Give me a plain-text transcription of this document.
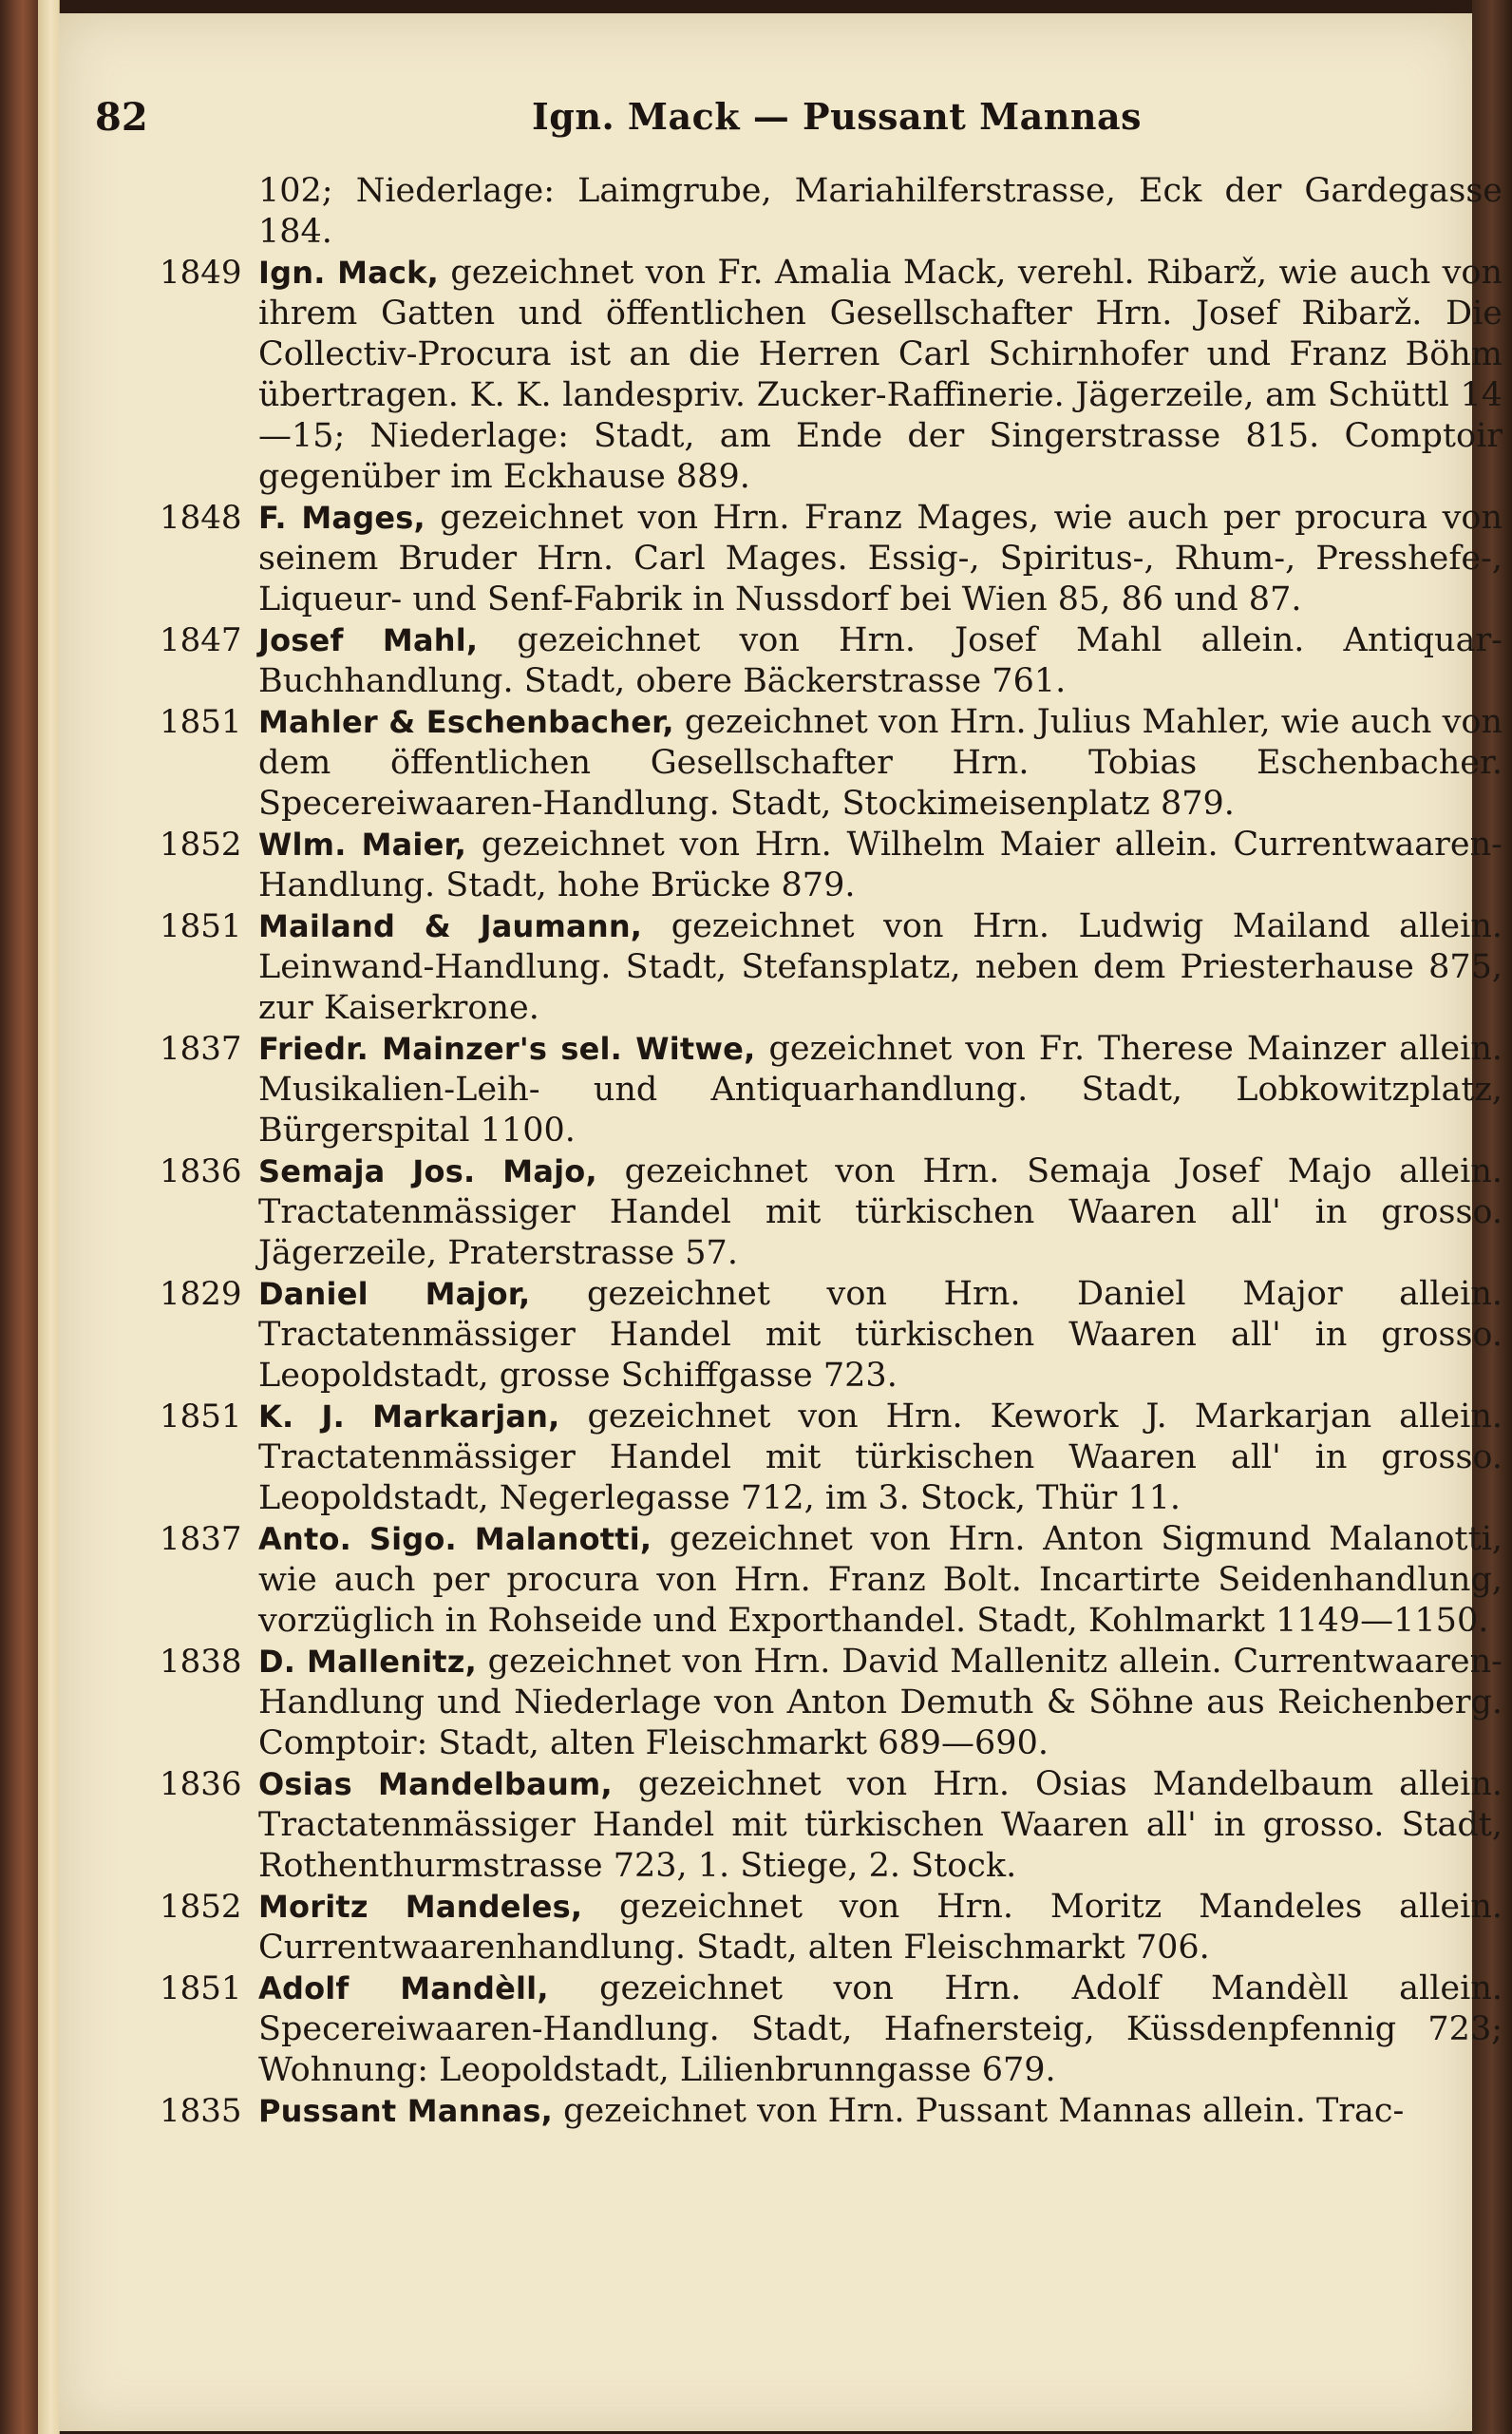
82	Ign. Mack — Pussant Mannas
102; Niederlage: Laimgrube, Mariahilferstrasse, Eck der Gardegasse 184.
1849 Ign. Mack, gezeichnet von Fr. Amalia Mack, verehl. Ribarž, wie auch von ihrem Gatten und öffentlichen Gesellschafter Hrn. Josef Ribarž. Die Collectiv-Procura ist an die Herren Carl Schirnhofer und Franz Böhm übertragen. K. K. landespriv. Zucker-Raffinerie. Jägerzeile, am Schüttl 14—15; Niederlage: Stadt, am Ende der Singerstrasse 815. Comptoir gegenüber im Eckhause 889.
1848 F. Mages, gezeichnet von Hrn. Franz Mages, wie auch per procura von seinem Bruder Hrn. Carl Mages. Essig-, Spiritus-, Rhum-, Presshefe-, Liqueur- und Senf-Fabrik in Nussdorf bei Wien 85, 86 und 87.
1847 Josef Mahl, gezeichnet von Hrn. Josef Mahl allein. Antiquar-Buchhandlung. Stadt, obere Bäckerstrasse 761.
1851 Mahler & Eschenbacher, gezeichnet von Hrn. Julius Mahler, wie auch von dem öffentlichen Gesellschafter Hrn. Tobias Eschenbacher. Specereiwaaren-Handlung. Stadt, Stockimeisenplatz 879.
1852 Wlm. Maier, gezeichnet von Hrn. Wilhelm Maier allein. Currentwaaren-Handlung. Stadt, hohe Brücke 879.
1851 Mailand & Jaumann, gezeichnet von Hrn. Ludwig Mailand allein. Leinwand-Handlung. Stadt, Stefansplatz, neben dem Priesterhause 875, zur Kaiserkrone.
1837 Friedr. Mainzer's sel. Witwe, gezeichnet von Fr. Therese Mainzer allein. Musikalien-Leih- und Antiquarhandlung. Stadt, Lobkowitzplatz, Bürgerspital 1100.
1836 Semaja Jos. Majo, gezeichnet von Hrn. Semaja Josef Majo allein. Tractatenmässiger Handel mit türkischen Waaren all' in grosso. Jägerzeile, Praterstrasse 57.
1829 Daniel Major, gezeichnet von Hrn. Daniel Major allein. Tractatenmässiger Handel mit türkischen Waaren all' in grosso. Leopoldstadt, grosse Schiffgasse 723.
1851 K. J. Markarjan, gezeichnet von Hrn. Kework J. Markarjan allein. Tractatenmässiger Handel mit türkischen Waaren all' in grosso. Leopoldstadt, Negerlegasse 712, im 3. Stock, Thür 11.
1837 Anto. Sigo. Malanotti, gezeichnet von Hrn. Anton Sigmund Malanotti, wie auch per procura von Hrn. Franz Bolt. Incartirte Seidenhandlung, vorzüglich in Rohseide und Exporthandel. Stadt, Kohlmarkt 1149—1150.
1838 D. Mallenitz, gezeichnet von Hrn. David Mallenitz allein. Currentwaaren-Handlung und Niederlage von Anton Demuth & Söhne aus Reichenberg. Comptoir: Stadt, alten Fleischmarkt 689—690.
1836 Osias Mandelbaum, gezeichnet von Hrn. Osias Mandelbaum allein. Tractatenmässiger Handel mit türkischen Waaren all' in grosso. Stadt, Rothenthurmstrasse 723, 1. Stiege, 2. Stock.
1852 Moritz Mandeles, gezeichnet von Hrn. Moritz Mandeles allein. Currentwaarenhandlung. Stadt, alten Fleischmarkt 706.
1851 Adolf Mandèll, gezeichnet von Hrn. Adolf Mandèll allein. Specereiwaaren-Handlung. Stadt, Hafnersteig, Küssdenpfennig 723; Wohnung: Leopoldstadt, Lilienbrunngasse 679.
1835 Pussant Mannas, gezeichnet von Hrn. Pussant Mannas allein. Trac-
